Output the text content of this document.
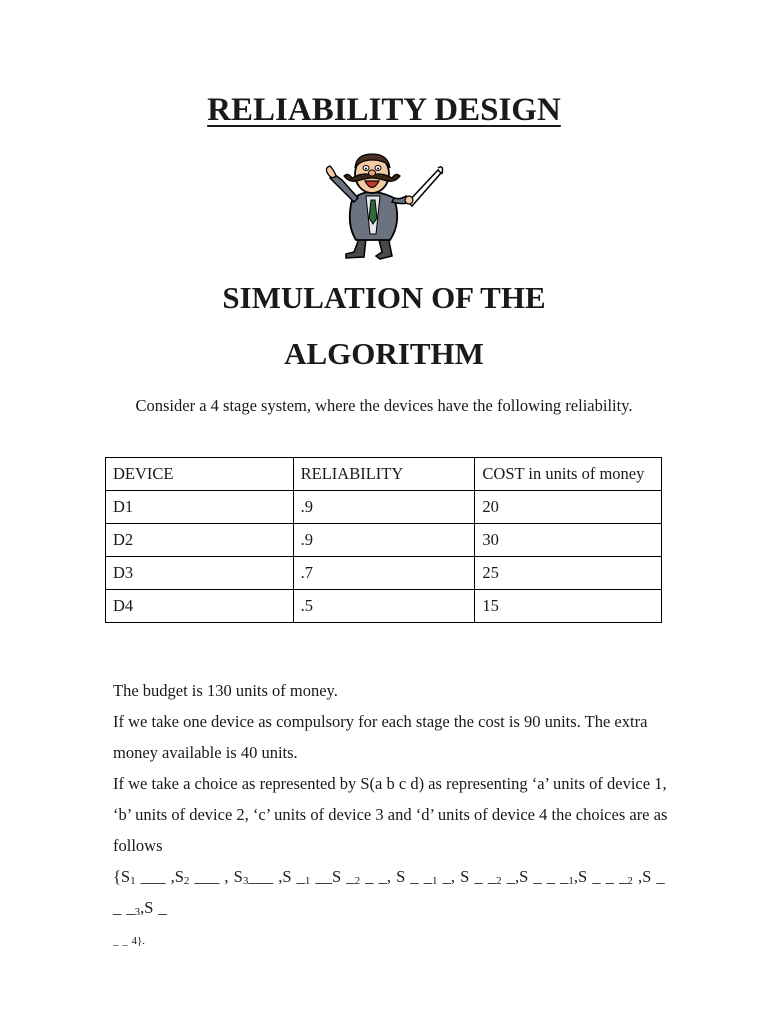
RELIABILITY DESIGN
SIMULATION OF THE
ALGORITHM

Consider a 4 stage system, where the devices have the following reliability.

DEVICE	RELIABILITY	COST in units of money
D1	.9	20
D2	.9	30
D3	.7	25
D4	.5	15

The budget is 130 units of money.

If we take one device as compulsory for each stage the cost is 90 units. The extra money available is 40 units.

If we take a choice as represented by S(a b c d) as representing ‘a’ units of device 1, ‘b’ units of device 2, ‘c’ units of device 3 and ‘d’ units of device 4 the choices are as follows

{$S_1$ ___ $,S_2$ ___ , $S_3\_\_\_$ ,S $\__1$ __S $\__2$ _ _, S _ $\__1$ _, S _ $\__2$ _,S _ _ $\__1,S$ _ _ $\__2$ ,S _ _ $\__3,S$ _
_ _ 4}.
